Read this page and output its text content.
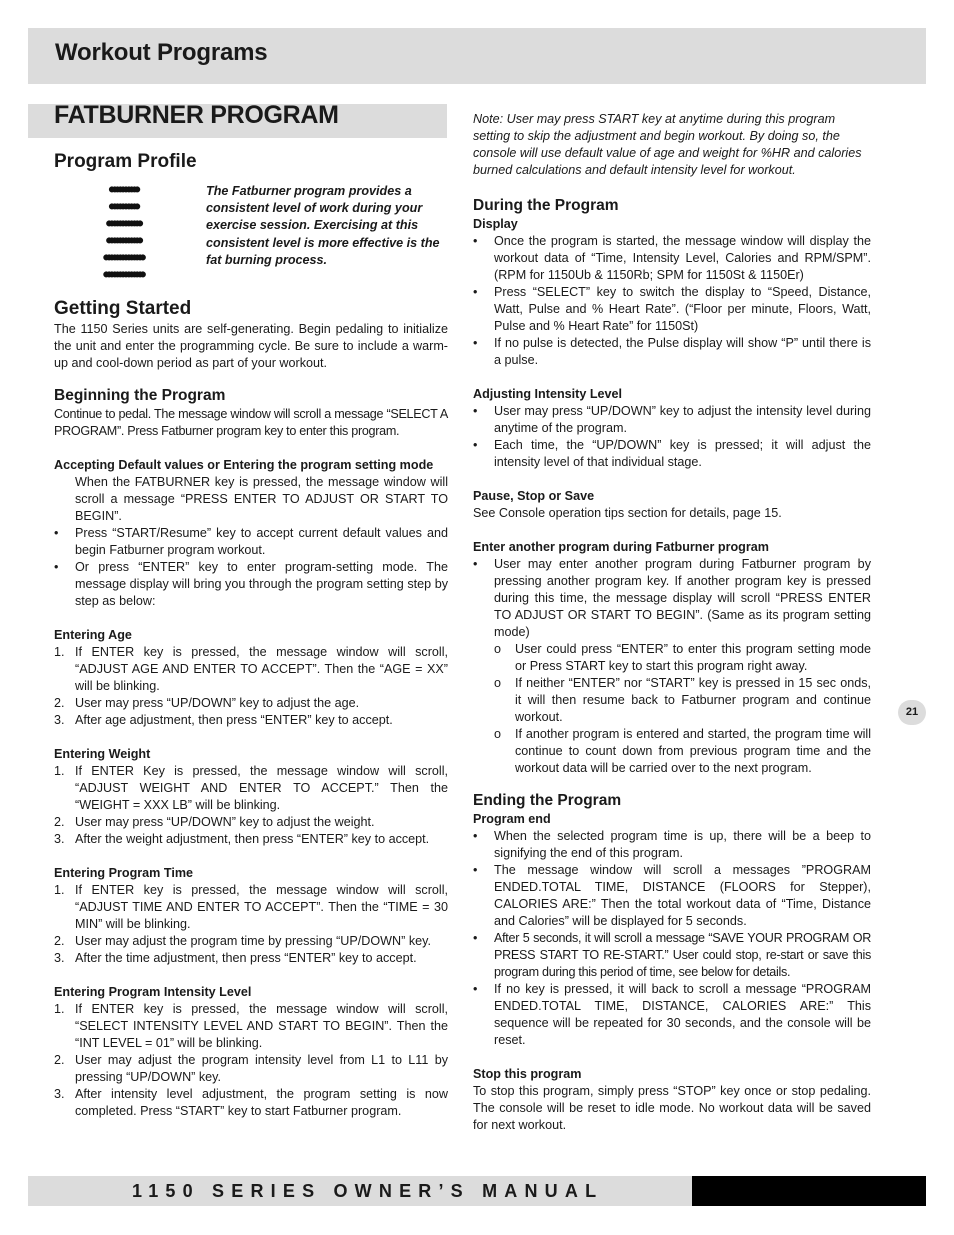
Workout Programs
FATBURNER PROGRAM
Program Profile
●●●●●●●●●●
●●●●●●●●●●
●●●●●●●●●●●●
●●●●●●●●●●●●
●●●●●●●●●●●●●●
●●●●●●●●●●●●●●

The Fatburner program provides a consistent level of work during your exercise session. Exercising at this consistent level is more effective is the fat burning process.

Getting Started

The 1150 Series units are self-generating. Begin pedaling to initialize the unit and enter the programming cycle. Be sure to include a warm-up and cool-down period as part of your workout.

Beginning the Program

Continue to pedal. The message window will scroll a message “SELECT A PROGRAM”. Press Fatburner program key to enter this program.

Accepting Default values or Entering the program setting mode

When the FATBURNER key is pressed, the message window will scroll a message “PRESS ENTER TO ADJUST OR START TO BEGIN”.

• Press “START/Resume” key to accept current default values and begin Fatburner program workout.
• Or press “ENTER” key to enter program-setting mode. The message display will bring you through the program setting step by step as below:
Entering Age
1. If ENTER key is pressed, the message window will scroll, “ADJUST AGE AND ENTER TO ACCEPT”. Then the “AGE = XX” will be blinking.
2. User may press “UP/DOWN” key to adjust the age.
3. After age adjustment, then press “ENTER” key to accept.
Entering Weight
1. If ENTER Key is pressed, the message window will scroll, “ADJUST WEIGHT AND ENTER TO ACCEPT.” Then the “WEIGHT = XXX LB” will be blinking.
2. User may press “UP/DOWN” key to adjust the weight.
3. After the weight adjustment, then press “ENTER” key to accept.
Entering Program Time
1. If ENTER key is pressed, the message window will scroll, “ADJUST TIME AND ENTER TO ACCEPT”. Then the “TIME = 30 MIN” will be blinking.
2. User may adjust the program time by pressing “UP/DOWN” key.
3. After the time adjustment, then press “ENTER” key to accept.
Entering Program Intensity Level
1. If ENTER key is pressed, the message window will scroll, “SELECT INTENSITY LEVEL AND START TO BEGIN”. Then the “INT LEVEL = 01” will be blinking.
2. User may adjust the program intensity level from L1 to L11 by pressing “UP/DOWN” key.
3. After intensity level adjustment, the program setting is now completed. Press “START” key to start Fatburner program.

Note: User may press START key at anytime during this program setting to skip the adjustment and begin workout. By doing so, the console will use default value of age and weight for %HR and calories burned calculations and default intensity level for workout.

During the Program
Display
• Once the program is started, the message window will display the workout data of “Time, Intensity Level, Calories and RPM/SPM”. (RPM for 1150Ub & 1150Rb; SPM for 1150St & 1150Er)
• Press “SELECT” key to switch the display to “Speed, Distance, Watt, Pulse and % Heart Rate”. (“Floor per minute, Floors, Watt, Pulse and % Heart Rate” for 1150St)
• If no pulse is detected, the Pulse display will show “P” until there is a pulse.
Adjusting Intensity Level
• User may press “UP/DOWN” key to adjust the intensity level during anytime of the program.
• Each time, the “UP/DOWN” key is pressed; it will adjust the intensity level of that individual stage.
Pause, Stop or Save

See Console operation tips section for details, page 15.

Enter another program during Fatburner program
• User may enter another program during Fatburner program by pressing another program key. If another program key is pressed during this time, the message display will scroll “PRESS ENTER TO ADJUST OR START TO BEGIN”. (Same as its program setting mode)
o User could press “ENTER” to enter this program setting mode or Press START key to start this program right away.
o If neither “ENTER” nor “START” key is pressed in 15 sec onds, it will then resume back to Fatburner program and continue workout.
o If another program is entered and started, the program time will continue to count down from previous program time and the workout data will be carried over to the next program.
Ending the Program
Program end
• When the selected program time is up, there will be a beep to signifying the end of this program.
• The message window will scroll a messages ”PROGRAM ENDED.TOTAL TIME, DISTANCE (FLOORS for Stepper), CALORIES ARE:” Then the total workout data of “Time, Distance and Calories” will be displayed for 5 seconds.
• After 5 seconds, it will scroll a message “SAVE YOUR PROGRAM OR PRESS START TO RE-START.” User could stop, re-start or save this program during this period of time, see below for details.
• If no key is pressed, it will back to scroll a message “PROGRAM ENDED.TOTAL TIME, DISTANCE, CALORIES ARE:” This sequence will be repeated for 30 seconds, and the console will be reset.
Stop this program

To stop this program, simply press “STOP” key once or stop pedaling. The console will be reset to idle mode. No workout data will be saved for next workout.

21
1150 SERIES OWNER’S MANUAL
